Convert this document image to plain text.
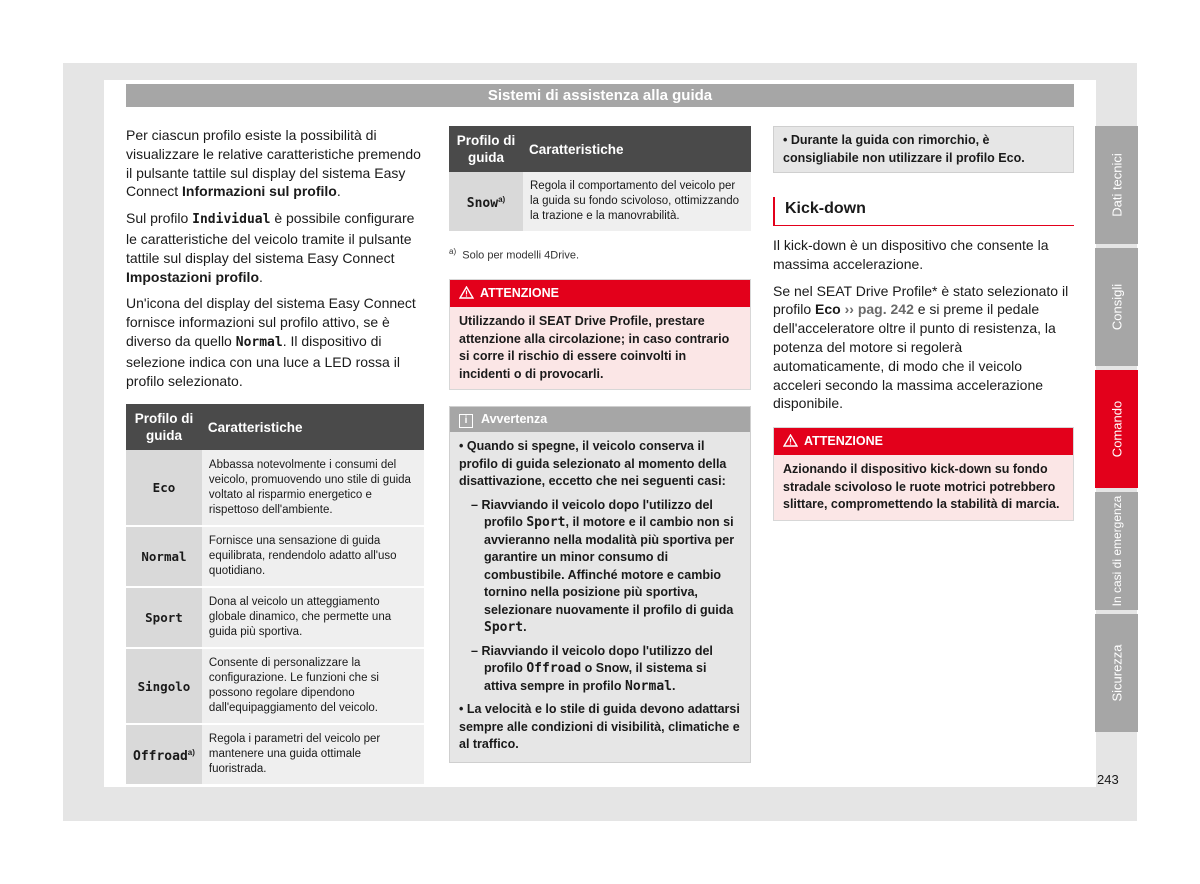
Sistemi di assistenza alla guida

Per ciascun profilo esiste la possibilità di visualizzare le relative caratteristiche premendo il pulsante tattile sul display del sistema Easy Connect Informazioni sul profilo.

Sul profilo Individual è possibile configurare le caratteristiche del veicolo tramite il pulsante tattile sul display del sistema Easy Connect Impostazioni profilo.

Un'icona del display del sistema Easy Connect fornisce informazioni sul profilo attivo, se è diverso da quello Normal. Il dispositivo di selezione indica con una luce a LED rossa il profilo selezionato.

Profilo di guida	Caratteristiche
Eco	Abbassa notevolmente i consumi del veicolo, promuovendo uno stile di guida voltato al risparmio energetico e rispettoso dell'ambiente.
Normal	Fornisce una sensazione di guida equilibrata, rendendolo adatto all'uso quotidiano.
Sport	Dona al veicolo un atteggiamento globale dinamico, che permette una guida più sportiva.
Singolo	Consente di personalizzare la configurazione. Le funzioni che si possono regolare dipendono dall'equipaggiamento del veicolo.
Offroad$^{a)}$	Regola i parametri del veicolo per mantenere una guida ottimale fuoristrada.
Profilo di guida	Caratteristiche
Snow$^{a)}$	Regola il comportamento del veicolo per la guida su fondo scivoloso, ottimizzando la trazione e la manovrabilità.
$^{a)}$ Solo per modelli 4Drive.
ATTENZIONE
Utilizzando il SEAT Drive Profile, prestare attenzione alla circolazione; in caso contrario si corre il rischio di essere coinvolti in incidenti o di provocarli.
i Avvertenza
• Quando si spegne, il veicolo conserva il profilo di guida selezionato al momento della disattivazione, eccetto che nei seguenti casi:
– Riavviando il veicolo dopo l'utilizzo del profilo Sport, il motore e il cambio non si avvieranno nella modalità più sportiva per garantire un minor consumo di combustibile. Affinché motore e cambio tornino nella posizione più sportiva, selezionare nuovamente il profilo di guida Sport.
– Riavviando il veicolo dopo l'utilizzo del profilo Offroad o Snow, il sistema si attiva sempre in profilo Normal.
• La velocità e lo stile di guida devono adattarsi sempre alle condizioni di visibilità, climatiche e al traffico.
• Durante la guida con rimorchio, è consigliabile non utilizzare il profilo Eco.
Kick-down

Il kick-down è un dispositivo che consente la massima accelerazione.

Se nel SEAT Drive Profile* è stato selezionato il profilo Eco ›› pag. 242 e si preme il pedale dell'acceleratore oltre il punto di resistenza, la potenza del motore si regolerà automaticamente, di modo che il veicolo acceleri secondo la massima accelerazione disponibile.

ATTENZIONE
Azionando il dispositivo kick-down su fondo stradale scivoloso le ruote motrici potrebbero slittare, compromettendo la stabilità di marcia.
Dati tecnici
Consigli
Comando
In casi di emergenza
Sicurezza
243
